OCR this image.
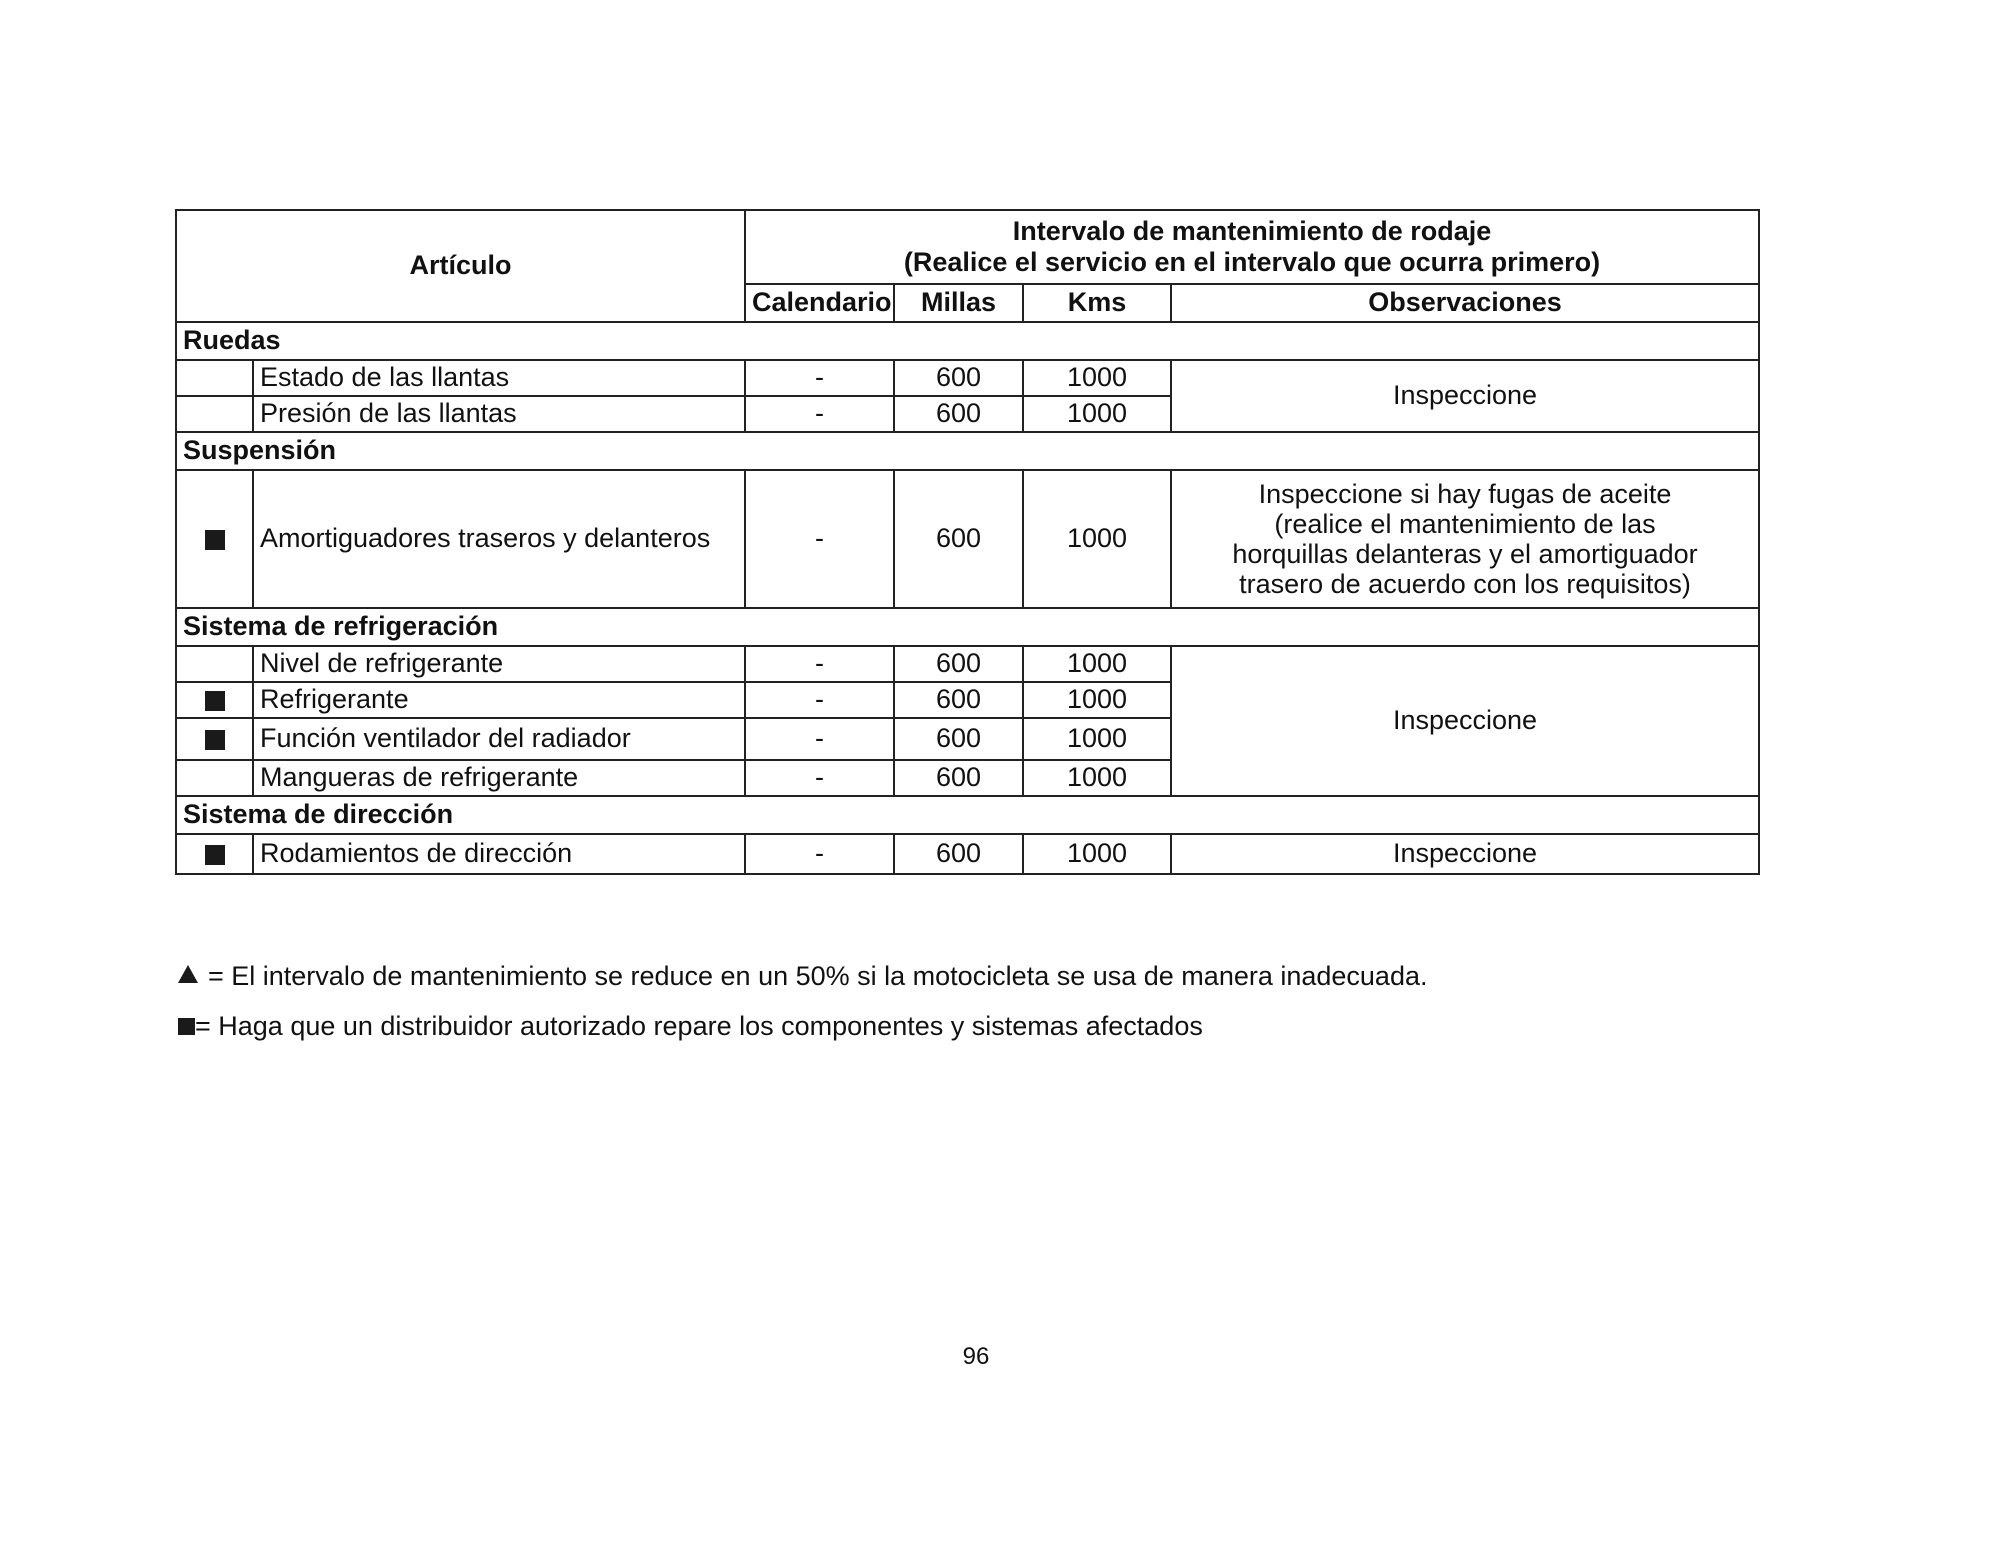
Artículo		Intervalo de mantenimiento de rodaje
(Realice el servicio en el intervalo que ocurra primero)			

		Calendario	Millas	Kms	Observaciones
Ruedas					
	Estado de las llantas	-	600	1000	Inspeccione
	Presión de las llantas	-	600	1000	
Suspensión					
	Amortiguadores traseros y delanteros	-	600	1000	Inspeccione si hay fugas de aceite
(realice el mantenimiento de las
horquillas delanteras y el amortiguador
trasero de acuerdo con los requisitos)

Sistema de refrigeración					
	Nivel de refrigerante	-	600	1000	Inspeccione
	Refrigerante	-	600	1000	
	Función ventilador del radiador	-	600	1000	
	Mangueras de refrigerante	-	600	1000	
Sistema de dirección					
	Rodamientos de dirección	-	600	1000	Inspeccione
= El intervalo de mantenimiento se reduce en un 50% si la motocicleta se usa de manera inadecuada.
= Haga que un distribuidor autorizado repare los componentes y sistemas afectados
96
